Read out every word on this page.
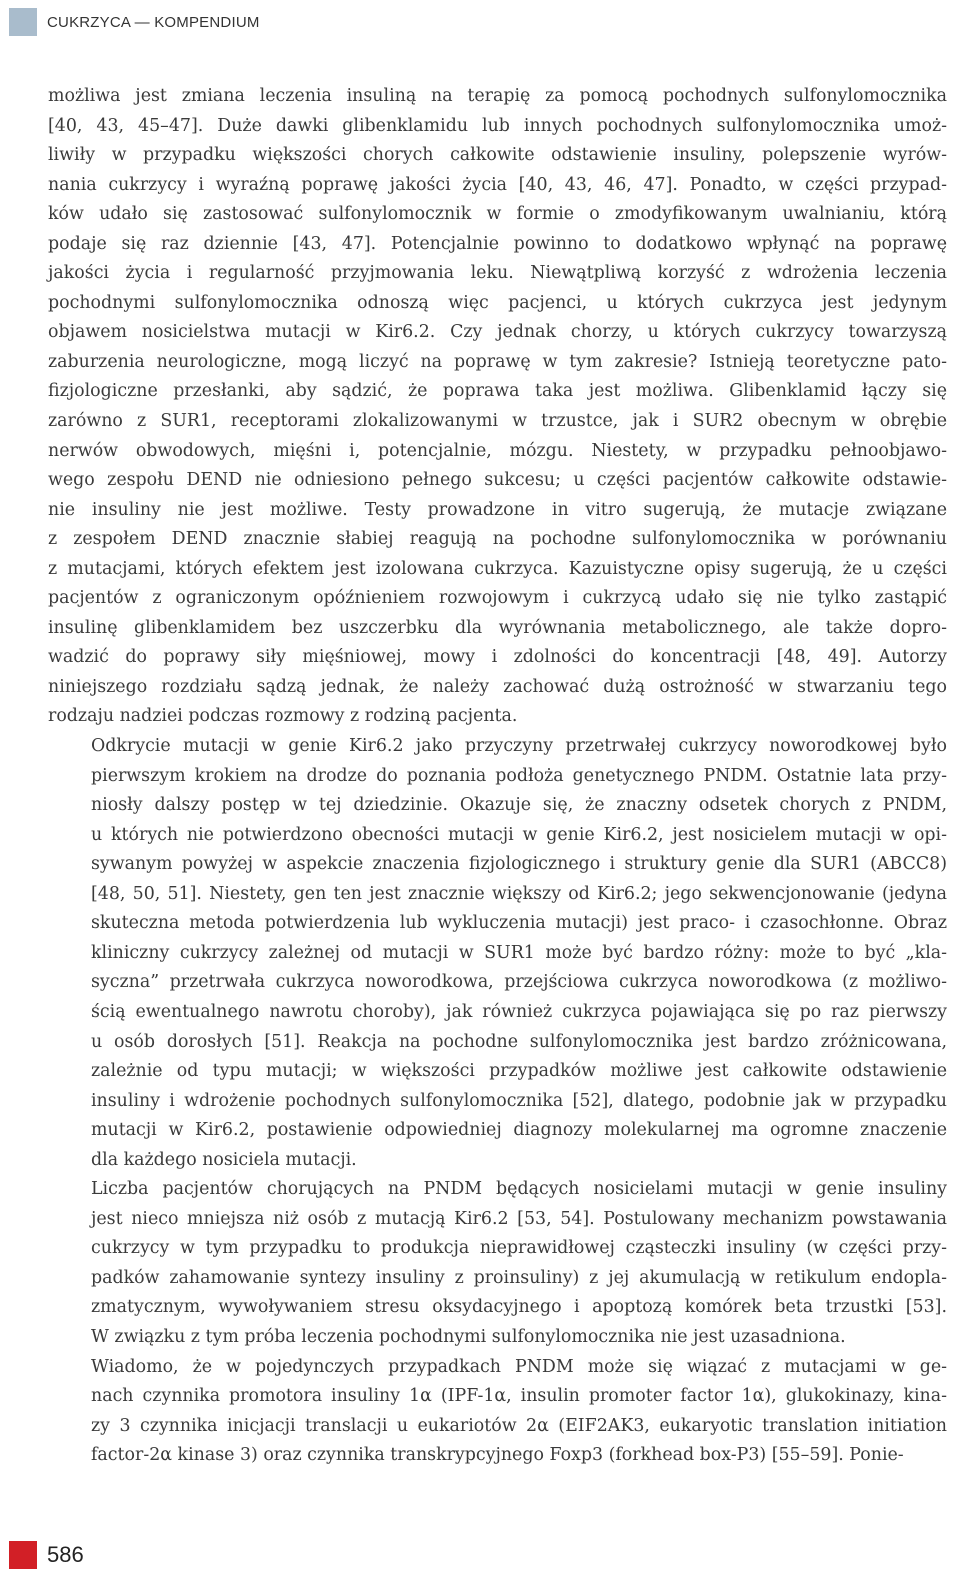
CUKRZYCA — KOMPENDIUM
możliwa jest zmiana leczenia insuliną na terapię za pomocą pochodnych sulfonylomocznika
[40, 43, 45–47]. Duże dawki glibenklamidu lub innych pochodnych sulfonylomocznika umoż-
liwiły w przypadku większości chorych całkowite odstawienie insuliny, polepszenie wyrów-
nania cukrzycy i wyraźną poprawę jakości życia [40, 43, 46, 47]. Ponadto, w części przypad-
ków udało się zastosować sulfonylomocznik w formie o zmodyfikowanym uwalnianiu, którą
podaje się raz dziennie [43, 47]. Potencjalnie powinno to dodatkowo wpłynąć na poprawę
jakości życia i regularność przyjmowania leku. Niewątpliwą korzyść z wdrożenia leczenia
pochodnymi sulfonylomocznika odnoszą więc pacjenci, u których cukrzyca jest jedynym
objawem nosicielstwa mutacji w Kir6.2. Czy jednak chorzy, u których cukrzycy towarzyszą
zaburzenia neurologiczne, mogą liczyć na poprawę w tym zakresie? Istnieją teoretyczne pato-
fizjologiczne przesłanki, aby sądzić, że poprawa taka jest możliwa. Glibenklamid łączy się
zarówno z SUR1, receptorami zlokalizowanymi w trzustce, jak i SUR2 obecnym w obrębie
nerwów obwodowych, mięśni i, potencjalnie, mózgu. Niestety, w przypadku pełnoobjawo-
wego zespołu DEND nie odniesiono pełnego sukcesu; u części pacjentów całkowite odstawie-
nie insuliny nie jest możliwe. Testy prowadzone in vitro sugerują, że mutacje związane
z zespołem DEND znacznie słabiej reagują na pochodne sulfonylomocznika w porównaniu
z mutacjami, których efektem jest izolowana cukrzyca. Kazuistyczne opisy sugerują, że u części
pacjentów z ograniczonym opóźnieniem rozwojowym i cukrzycą udało się nie tylko zastąpić
insulinę glibenklamidem bez uszczerbku dla wyrównania metabolicznego, ale także dopro-
wadzić do poprawy siły mięśniowej, mowy i zdolności do koncentracji [48, 49]. Autorzy
niniejszego rozdziału sądzą jednak, że należy zachować dużą ostrożność w stwarzaniu tego
rodzaju nadziei podczas rozmowy z rodziną pacjenta.
Odkrycie mutacji w genie Kir6.2 jako przyczyny przetrwałej cukrzycy noworodkowej było
pierwszym krokiem na drodze do poznania podłoża genetycznego PNDM. Ostatnie lata przy-
niosły dalszy postęp w tej dziedzinie. Okazuje się, że znaczny odsetek chorych z PNDM,
u których nie potwierdzono obecności mutacji w genie Kir6.2, jest nosicielem mutacji w opi-
sywanym powyżej w aspekcie znaczenia fizjologicznego i struktury genie dla SUR1 (ABCC8)
[48, 50, 51]. Niestety, gen ten jest znacznie większy od Kir6.2; jego sekwencjonowanie (jedyna
skuteczna metoda potwierdzenia lub wykluczenia mutacji) jest praco- i czasochłonne. Obraz
kliniczny cukrzycy zależnej od mutacji w SUR1 może być bardzo różny: może to być „kla-
syczna” przetrwała cukrzyca noworodkowa, przejściowa cukrzyca noworodkowa (z możliwo-
ścią ewentualnego nawrotu choroby), jak również cukrzyca pojawiająca się po raz pierwszy
u osób dorosłych [51]. Reakcja na pochodne sulfonylomocznika jest bardzo zróżnicowana,
zależnie od typu mutacji; w większości przypadków możliwe jest całkowite odstawienie
insuliny i wdrożenie pochodnych sulfonylomocznika [52], dlatego, podobnie jak w przypadku
mutacji w Kir6.2, postawienie odpowiedniej diagnozy molekularnej ma ogromne znaczenie
dla każdego nosiciela mutacji.
Liczba pacjentów chorujących na PNDM będących nosicielami mutacji w genie insuliny
jest nieco mniejsza niż osób z mutacją Kir6.2 [53, 54]. Postulowany mechanizm powstawania
cukrzycy w tym przypadku to produkcja nieprawidłowej cząsteczki insuliny (w części przy-
padków zahamowanie syntezy insuliny z proinsuliny) z jej akumulacją w retikulum endopla-
zmatycznym, wywoływaniem stresu oksydacyjnego i apoptozą komórek beta trzustki [53].
W związku z tym próba leczenia pochodnymi sulfonylomocznika nie jest uzasadniona.
Wiadomo, że w pojedynczych przypadkach PNDM może się wiązać z mutacjami w ge-
nach czynnika promotora insuliny 1α (IPF-1α, insulin promoter factor 1α), glukokinazy, kina-
zy 3 czynnika inicjacji translacji u eukariotów 2α (EIF2AK3, eukaryotic translation initiation
factor-2α kinase 3) oraz czynnika transkrypcyjnego Foxp3 (forkhead box-P3) [55–59]. Ponie-
586
